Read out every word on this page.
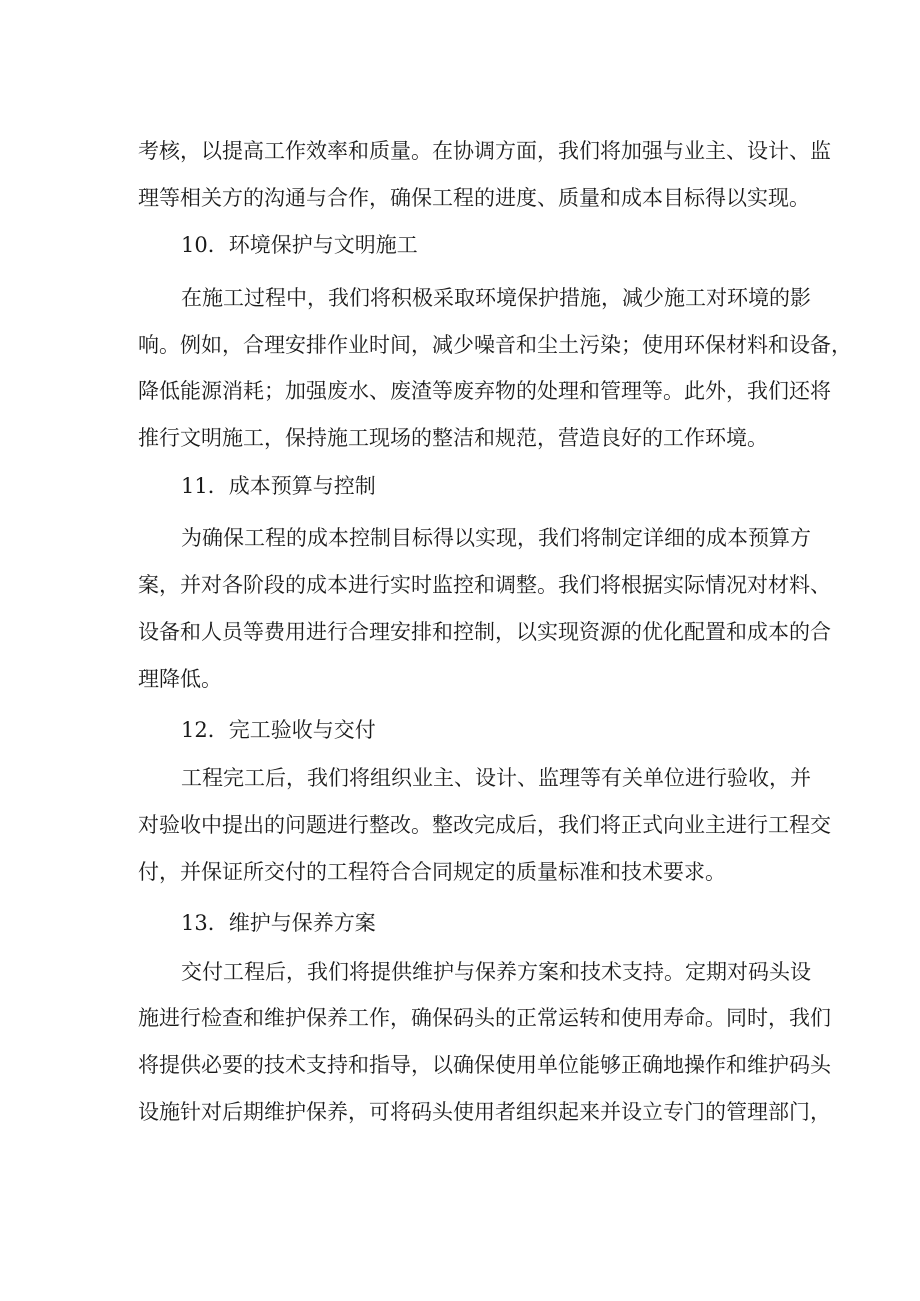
考核，以提高工作效率和质量。在协调方面，我们将加强与业主、设计、监
理等相关方的沟通与合作，确保工程的进度、质量和成本目标得以实现。
10．环境保护与文明施工
在施工过程中，我们将积极采取环境保护措施，减少施工对环境的影
响。例如，合理安排作业时间，减少噪音和尘土污染；使用环保材料和设备，
降低能源消耗；加强废水、废渣等废弃物的处理和管理等。此外，我们还将
推行文明施工，保持施工现场的整洁和规范，营造良好的工作环境。
11．成本预算与控制
为确保工程的成本控制目标得以实现，我们将制定详细的成本预算方
案，并对各阶段的成本进行实时监控和调整。我们将根据实际情况对材料、
设备和人员等费用进行合理安排和控制，以实现资源的优化配置和成本的合
理降低。
12．完工验收与交付
工程完工后，我们将组织业主、设计、监理等有关单位进行验收，并
对验收中提出的问题进行整改。整改完成后，我们将正式向业主进行工程交
付，并保证所交付的工程符合合同规定的质量标准和技术要求。
13．维护与保养方案
交付工程后，我们将提供维护与保养方案和技术支持。定期对码头设
施进行检查和维护保养工作，确保码头的正常运转和使用寿命。同时，我们
将提供必要的技术支持和指导，以确保使用单位能够正确地操作和维护码头
设施针对后期维护保养，可将码头使用者组织起来并设立专门的管理部门，
